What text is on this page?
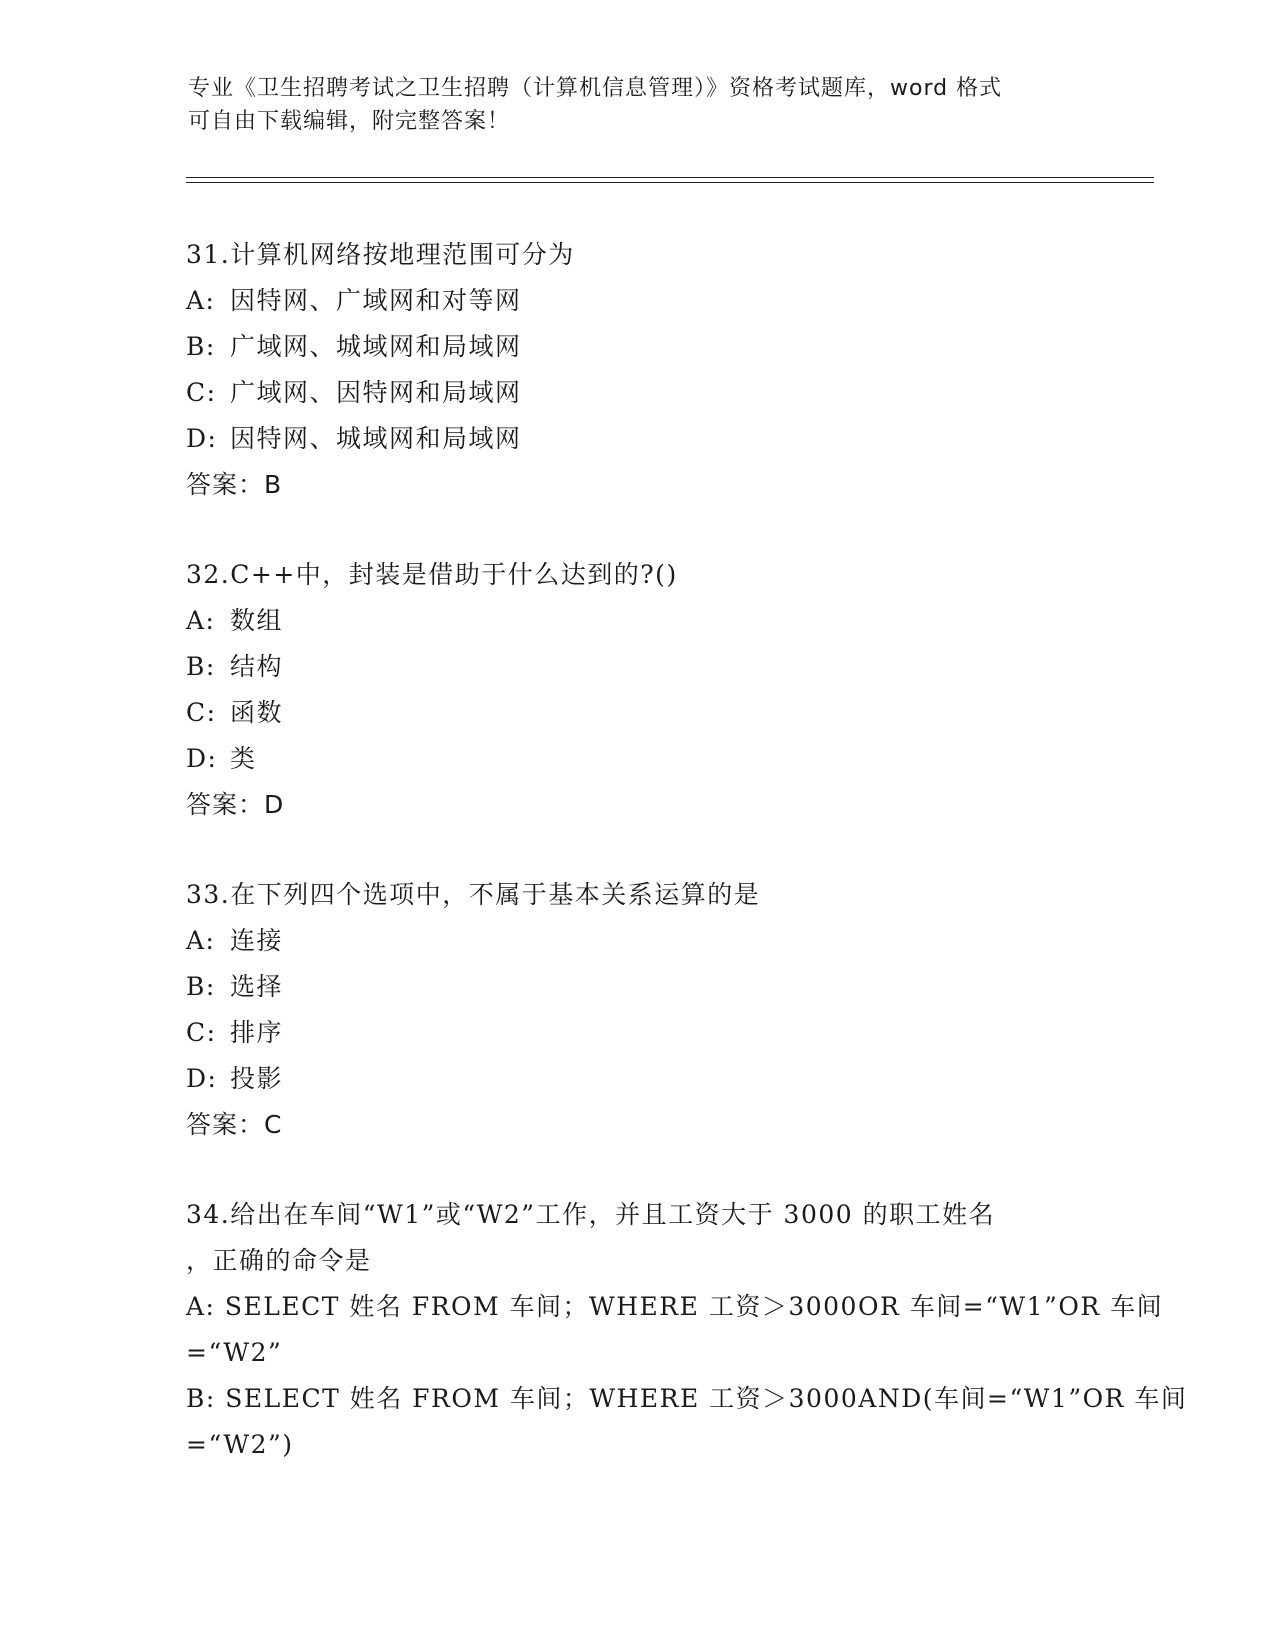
专业《卫生招聘考试之卫生招聘（计算机信息管理）》资格考试题库，word 格式
可自由下载编辑，附完整答案！
31.计算机网络按地理范围可分为
A: 因特网、广域网和对等网
B: 广域网、城域网和局域网
C: 广域网、因特网和局域网
D: 因特网、城域网和局域网
答案：B
32.C++中，封装是借助于什么达到的?()
A: 数组
B: 结构
C: 函数
D: 类
答案：D
33.在下列四个选项中，不属于基本关系运算的是
A: 连接
B: 选择
C: 排序
D: 投影
答案：C
34.给出在车间“W1”或“W2”工作，并且工资大于 3000 的职工姓名
，正确的命令是
A: SELECT 姓名 FROM 车间；WHERE 工资＞3000OR 车间=“W1”OR 车间
=“W2”
B: SELECT 姓名 FROM 车间；WHERE 工资＞3000AND(车间=“W1”OR 车间
=“W2”)
